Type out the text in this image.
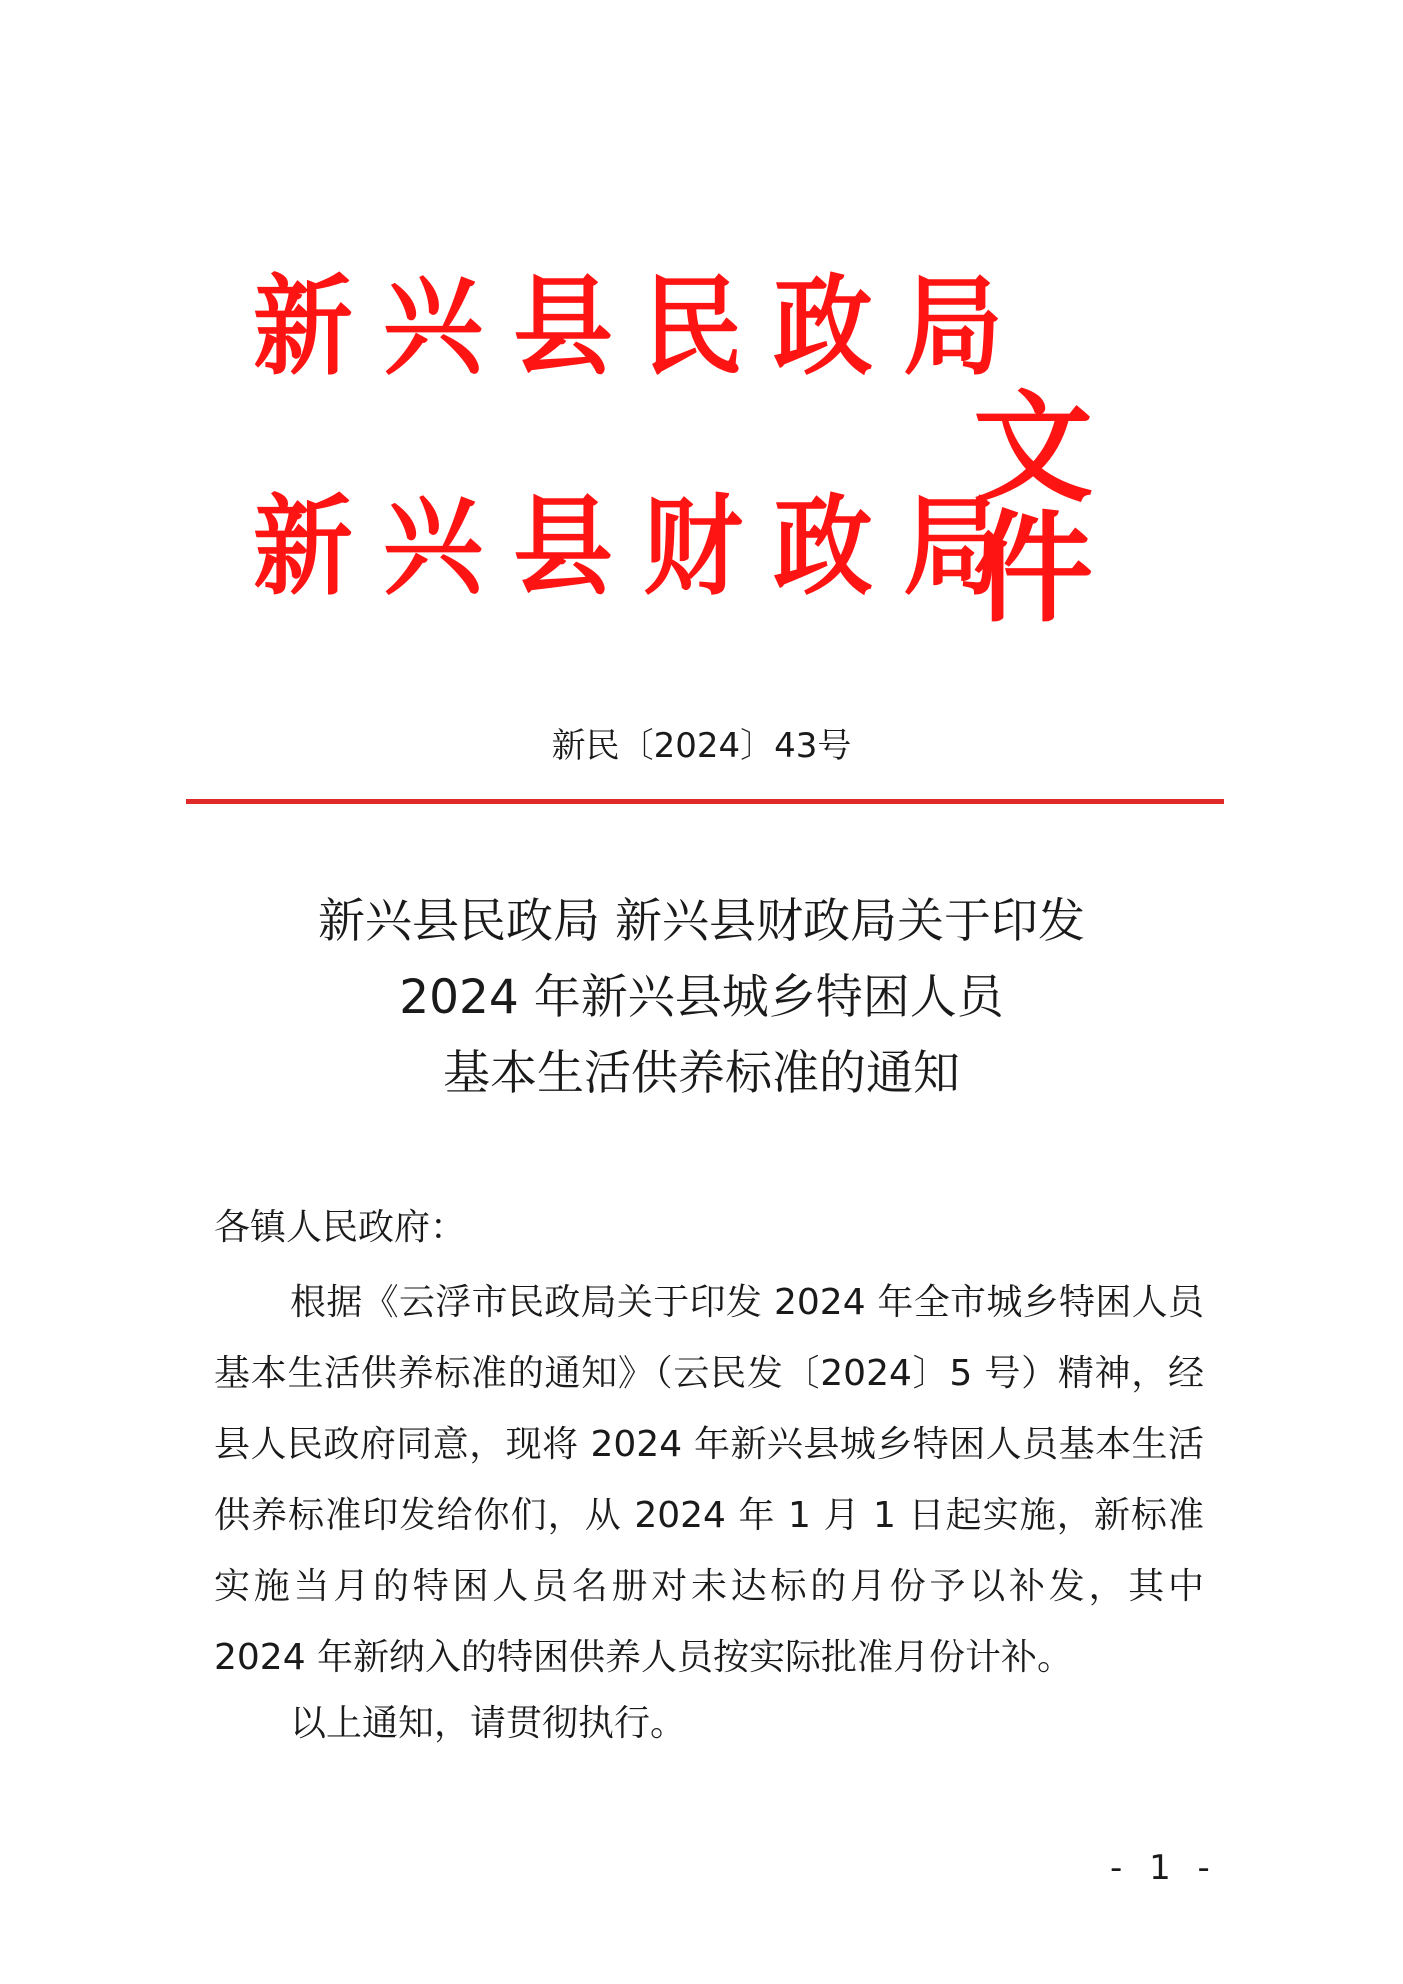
新 兴 县 民 政 局
新 兴 县 财 政 局
文件
新民〔2024〕43号
新兴县民政局 新兴县财政局关于印发
2024 年新兴县城乡特困人员
基本生活供养标准的通知
各镇人民政府：
根据《云浮市民政局关于印发 2024 年全市城乡特困人员基本生活供养标准的通知》（云民发〔2024〕5 号）精神，经县人民政府同意，现将 2024 年新兴县城乡特困人员基本生活供养标准印发给你们，从 2024 年 1 月 1 日起实施，新标准实施当月的特困人员名册对未达标的月份予以补发，其中 2024 年新纳入的特困供养人员按实际批准月份计补。
以上通知，请贯彻执行。
- 1 -
